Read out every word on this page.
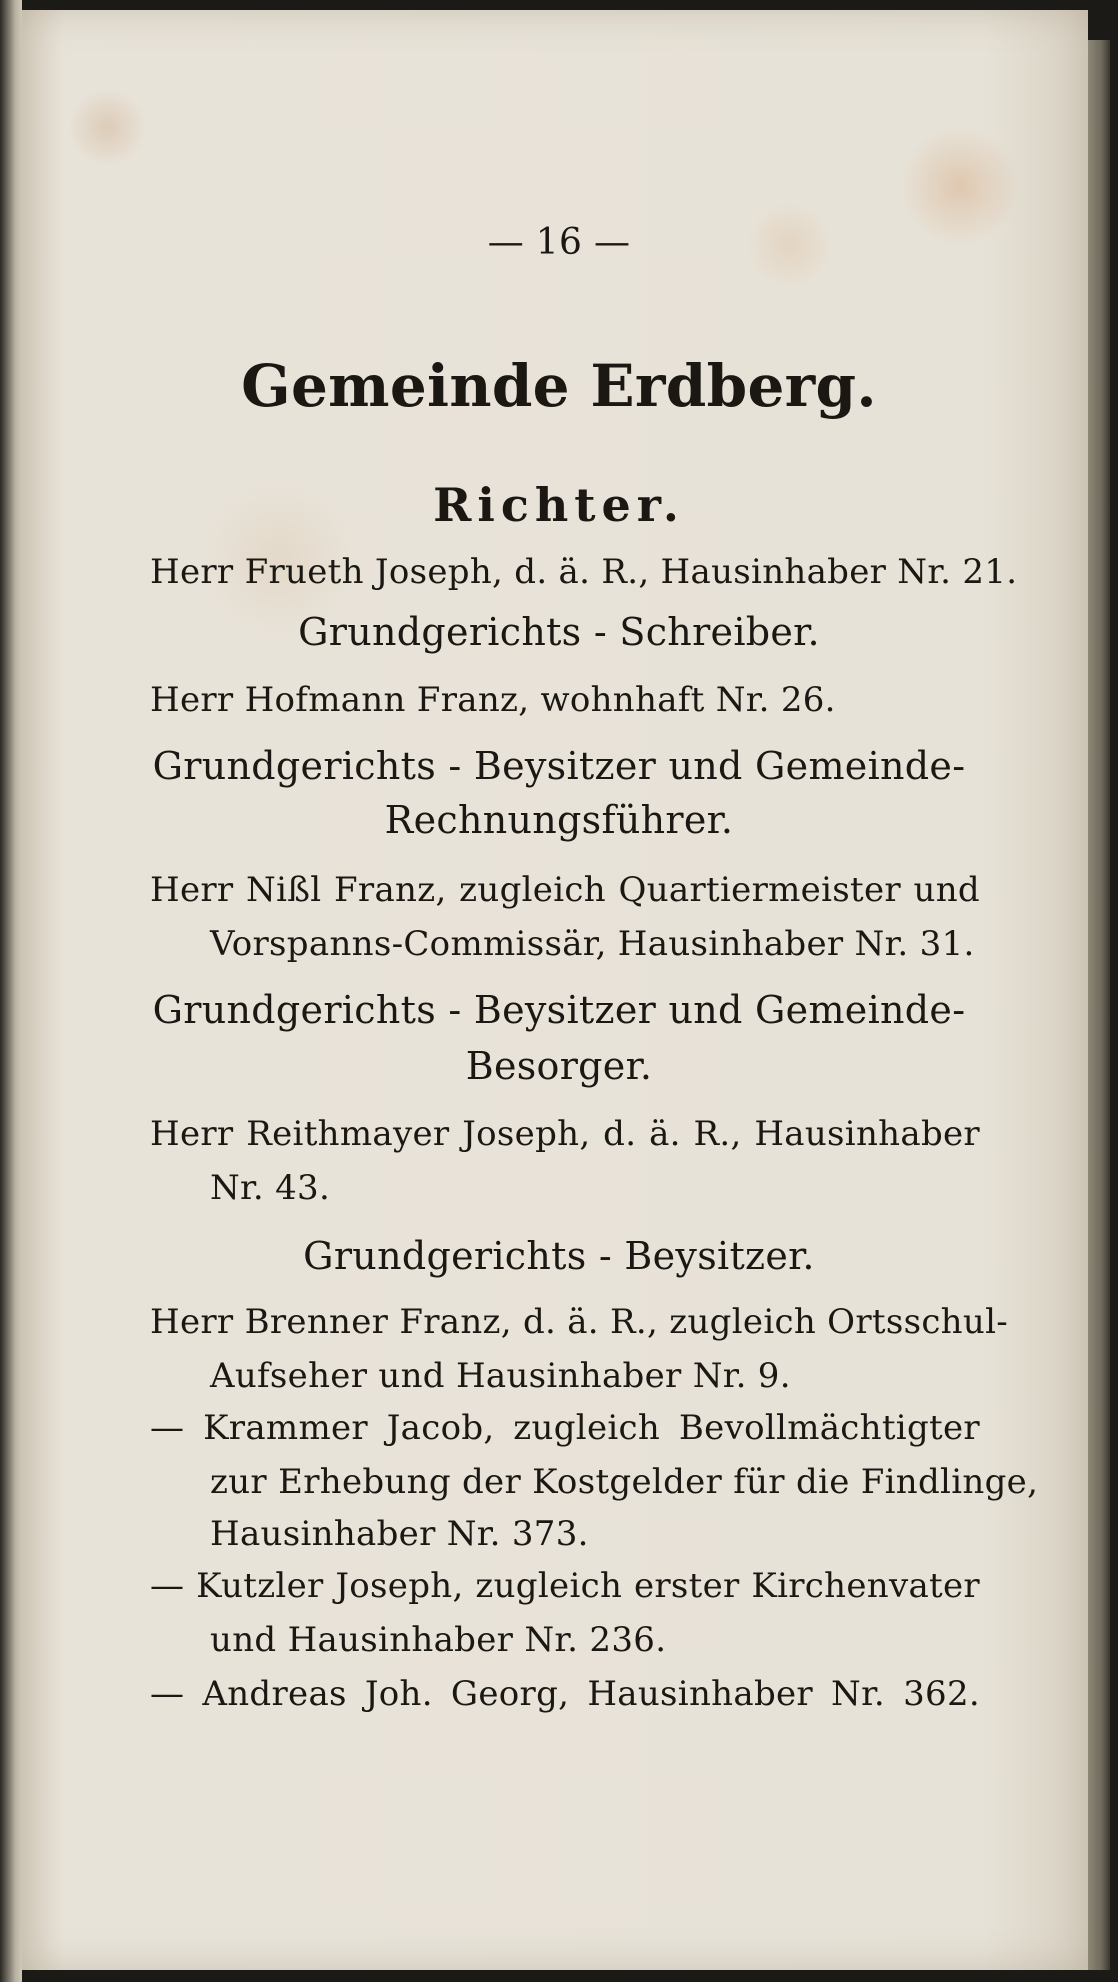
— 16 —
Gemeinde Erdberg.
Richter.
Herr Frueth Joseph, d. ä. R., Hausinhaber Nr. 21.
Grundgerichts - Schreiber.
Herr Hofmann Franz, wohnhaft Nr. 26.
Grundgerichts - Beysitzer und Gemeinde-
Rechnungsführer.
Herr Nißl Franz, zugleich Quartiermeister und
Vorspanns-Commissär, Hausinhaber Nr. 31.
Grundgerichts - Beysitzer und Gemeinde-
Besorger.
Herr Reithmayer Joseph, d. ä. R., Hausinhaber
Nr. 43.
Grundgerichts - Beysitzer.
Herr Brenner Franz, d. ä. R., zugleich Ortsschul-
Aufseher und Hausinhaber Nr. 9.
— Krammer Jacob, zugleich Bevollmächtigter
zur Erhebung der Kostgelder für die Findlinge,
Hausinhaber Nr. 373.
— Kutzler Joseph, zugleich erster Kirchenvater
und Hausinhaber Nr. 236.
— Andreas Joh. Georg, Hausinhaber Nr. 362.
